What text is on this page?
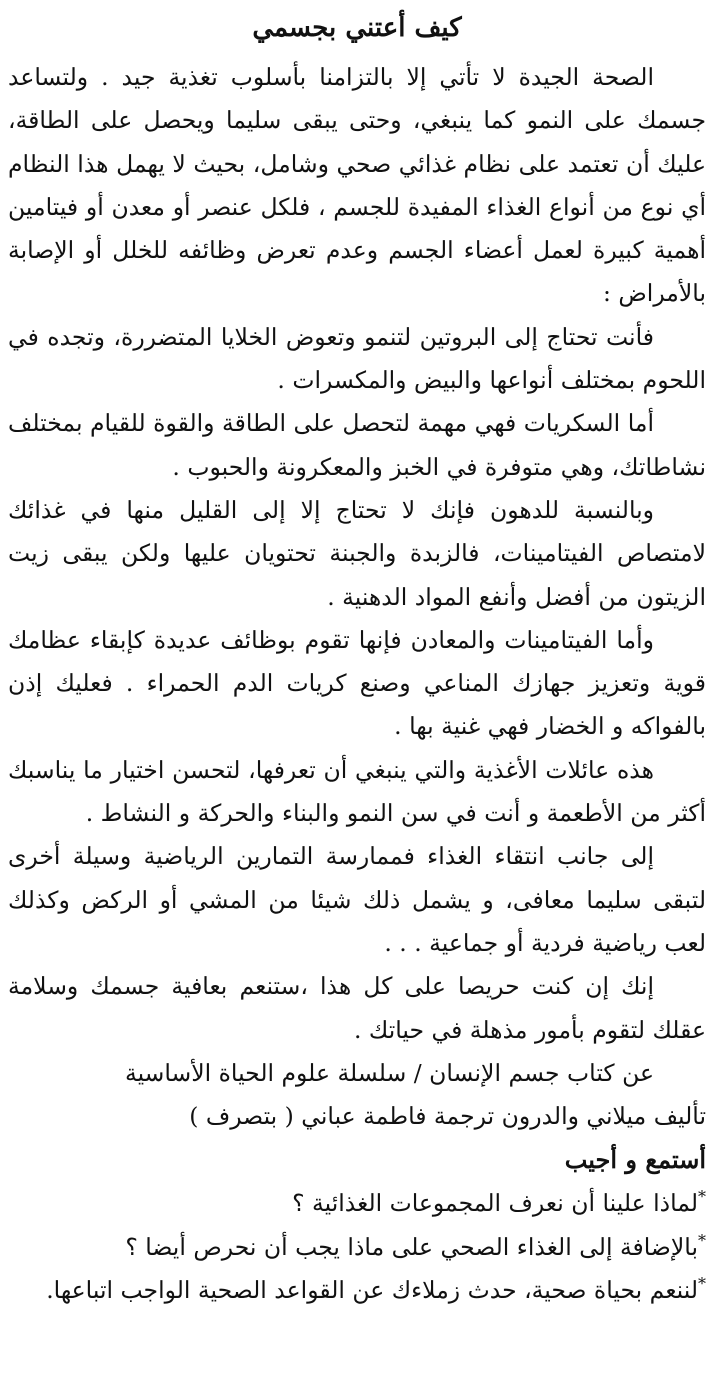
كيف أعتني بجسمي

الصحة الجيدة لا تأتي إلا بالتزامنا بأسلوب تغذية جيد . ولتساعد جسمك على النمو كما ينبغي، وحتى يبقى سليما ويحصل على الطاقة، عليك أن تعتمد على نظام غذائي صحي وشامل، بحيث لا يهمل هذا النظام أي نوع من أنواع الغذاء المفيدة للجسم ، فلكل عنصر أو معدن أو فيتامين أهمية كبيرة لعمل أعضاء الجسم وعدم تعرض وظائفه للخلل أو الإصابة بالأمراض :

فأنت تحتاج إلى البروتين لتنمو وتعوض الخلايا المتضررة، وتجده في اللحوم بمختلف أنواعها والبيض والمكسرات .

أما السكريات فهي مهمة لتحصل على الطاقة والقوة للقيام بمختلف نشاطاتك، وهي متوفرة في الخبز والمعكرونة والحبوب .

وبالنسبة للدهون فإنك لا تحتاج إلا إلى القليل منها في غذائك لامتصاص الفيتامينات، فالزبدة والجبنة تحتويان عليها ولكن يبقى زيت الزيتون من أفضل وأنفع المواد الدهنية .

وأما الفيتامينات والمعادن فإنها تقوم بوظائف عديدة كإبقاء عظامك قوية وتعزيز جهازك المناعي وصنع كريات الدم الحمراء . فعليك إذن بالفواكه و الخضار فهي غنية بها .

هذه عائلات الأغذية والتي ينبغي أن تعرفها، لتحسن اختيار ما يناسبك أكثر من الأطعمة و أنت في سن النمو والبناء والحركة و النشاط .

إلى جانب انتقاء الغذاء فممارسة التمارين الرياضية وسيلة أخرى لتبقى سليما معافى، و يشمل ذلك شيئا من المشي أو الركض وكذلك لعب رياضية فردية أو جماعية . . .

إنك إن كنت حريصا على كل هذا ،ستنعم بعافية جسمك وسلامة عقلك لتقوم بأمور مذهلة في حياتك .

عن كتاب جسم الإنسان / سلسلة علوم الحياة الأساسية

تأليف ميلاني والدرون ترجمة فاطمة عباني ( بتصرف )

أستمع و أجيب
*لماذا علينا أن نعرف المجموعات الغذائية ؟
*بالإضافة إلى الغذاء الصحي على ماذا يجب أن نحرص أيضا ؟
*لننعم بحياة صحية، حدث زملاءك عن القواعد الصحية الواجب اتباعها.
